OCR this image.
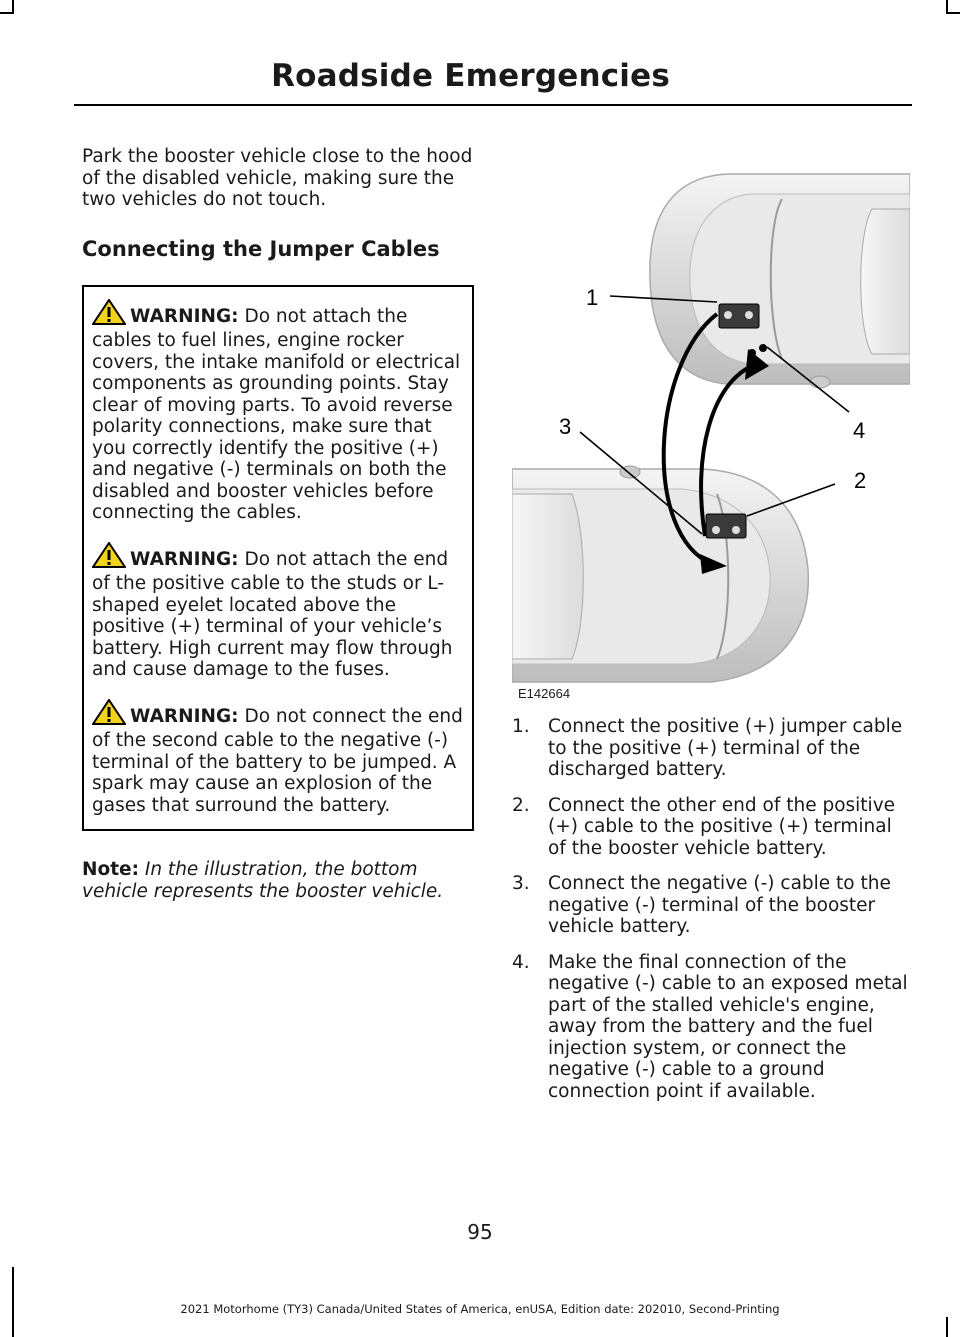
Roadside Emergencies

Park the booster vehicle close to the hood of the disabled vehicle, making sure the two vehicles do not touch.

Connecting the Jumper Cables

WARNING: Do not attach the cables to fuel lines, engine rocker covers, the intake manifold or electrical components as grounding points. Stay clear of moving parts. To avoid reverse polarity connections, make sure that you correctly identify the positive (+) and negative (-) terminals on both the disabled and booster vehicles before connecting the cables.

WARNING: Do not attach the end of the positive cable to the studs or L-shaped eyelet located above the positive (+) terminal of your vehicle’s battery. High current may flow through and cause damage to the fuses.

WARNING: Do not connect the end of the second cable to the negative (-) terminal of the battery to be jumped. A spark may cause an explosion of the gases that surround the battery.

Note: In the illustration, the bottom vehicle represents the booster vehicle.

1
2
3	4
E142664
1. Connect the positive (+) jumper cable to the positive (+) terminal of the discharged battery.
2. Connect the other end of the positive (+) cable to the positive (+) terminal of the booster vehicle battery.
3. Connect the negative (-) cable to the negative (-) terminal of the booster vehicle battery.
4. Make the final connection of the negative (-) cable to an exposed metal part of the stalled vehicle's engine, away from the battery and the fuel injection system, or connect the negative (-) cable to a ground connection point if available.
95
2021 Motorhome (TY3) Canada/United States of America, enUSA, Edition date: 202010, Second-Printing
